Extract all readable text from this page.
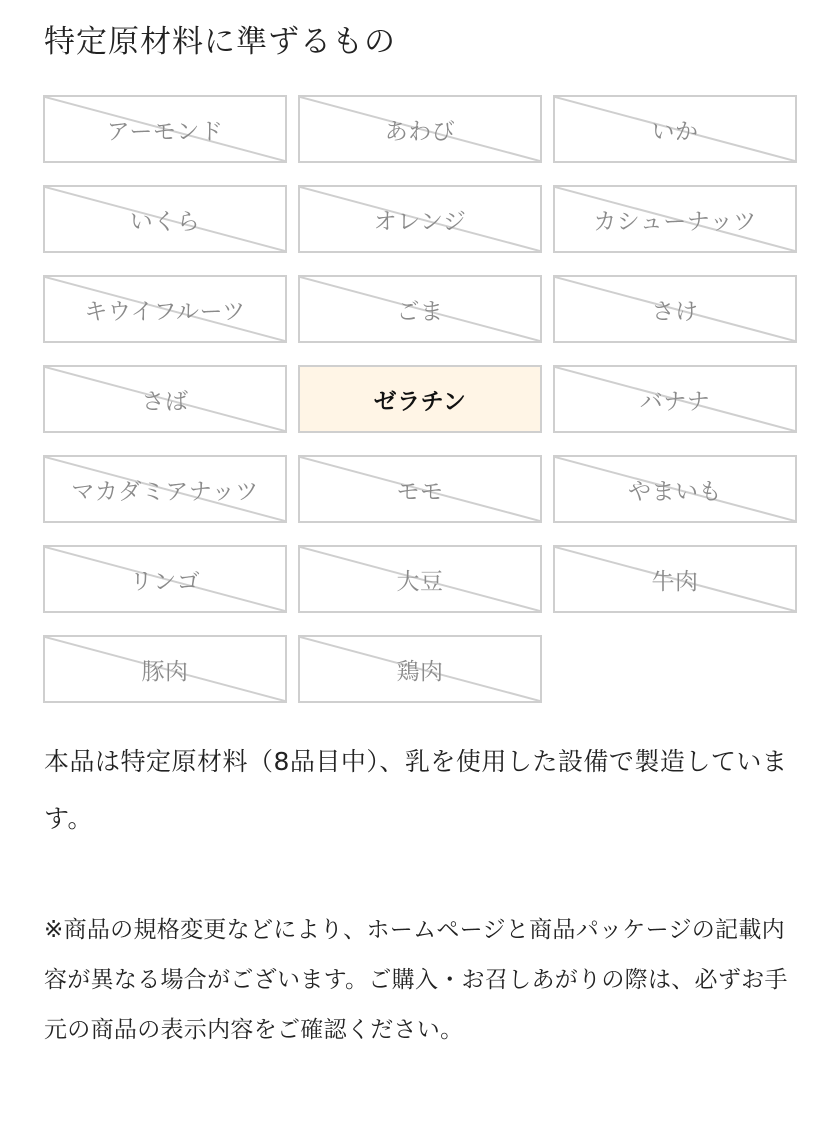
特定原材料に準ずるもの
アーモンド	あわび	いか
いくら	オレンジ	カシューナッツ
キウイフルーツ	ごま	さけ
さば	ゼラチン	バナナ
マカダミアナッツ	モモ	やまいも
リンゴ	大豆	牛肉
豚肉	鶏肉

本品は特定原材料（8品目中）、乳を使用した設備で製造しています。

※商品の規格変更などにより、ホームページと商品パッケージの記載内容が異なる場合がございます。ご購入・お召しあがりの際は、必ずお手元の商品の表示内容をご確認ください。
